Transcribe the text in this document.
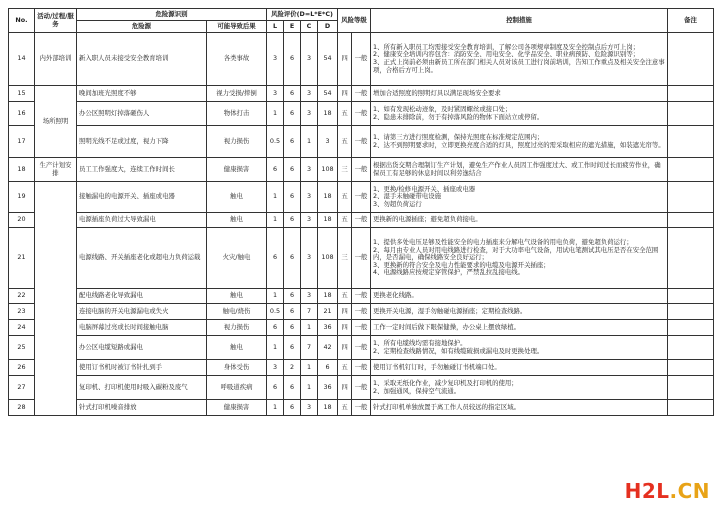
No.	活动/过程/服务	危险源识别		风险评价(D=L*E*C)				风险等级		控制措施	备注
		危险源	可能导致后果	L	E	C	D				
14	内外部培训	新入职人员未接受安全教育培训	各类事故	3	6	3	54	四	一般	1、所有新入职员工均需接受安全教育培训，了解公司各项规章制度及安全控制点后方可上岗；
2、健康安全培训内容包含：消防安全、用电安全、化学品安全、职业病预防、危险源识别等；
3、正式上岗前必须由新员工所在部门相关人员对该员工进行岗前培训，告知工作重点及相关安全注意事项，合格后方可上岗。	

15	场所照明	晚间加班光照度不够	视力受损/摔倒	3	6	3	54	四	一般	增加合适照度的照明灯具以满足现场安全要求	

16		办公区照明灯掉落砸伤人	物体打击	1	6	3	18	五	一般	1、如有发现松动迹象，及时紧固螺丝或接口处；
2、隐患未排除前，勿于有掉落风险的物体下面站立或停留。	

17		照明光线不足或过度，视力下降	视力损伤	0.5	6	1	3	五	一般	1、请第三方进行照度检测，保持光照度在标准规定范围内；
2、达不到照明要求时，立即更换亮度合适的灯具，照度过亮的需采取相应的遮光措施，如装遮光帘等。	

18	生产计划安排	员工工作强度大，连续工作时间长	健康损害	6	6	3	108	三	一般	根据出货交期合理制订生产计划，避免生产作业人员因工作强度过大、或工作时间过长而疲劳作业，确保员工有足够的休息时间以利劳逸结合	

19		接触漏电的电源开关、插座或电器	触电	1	6	3	18	五	一般	1、更换/检修电源开关、插座或电器
2、湿手未触碰带电设施
3、勿超负荷运行	

20		电源插座负荷过大导致漏电	触电	1	6	3	18	五	一般	更换新的电源插座；避免超负荷接电。	

21		电源线路、开关插座老化或超电力负荷运载	火灾/触电	6	6	3	108	三	一般	1、提供多处电压足够及性能安全的电力插座来分解电气设备的用电负荷，避免超负荷运行；
2、每月由专业人员对用电线路进行检查，对于大功率电气设备，用试电笔测试其电压是否在安全范围内，是否漏电，确保线路安全良好运行；
3、更换新的符合安全及电力性能要求的电缆及电源开关插座；
4、电源线路应按规定穿管保护，严禁乱拉乱接电线。	

22		配电线路老化导致漏电	触电	1	6	3	18	五	一般	更换老化线路。	

23		连接电脑的开关电源漏电或失火	触电/烧伤	0.5	6	7	21	四	一般	更换开关电源，湿手勿触碰电源插座；定期检查线路。	

24		电脑屏幕过亮或长时间接触电脑	视力损伤	6	6	1	36	四	一般	工作一定时间后做下眼保健操，办公桌上摆放绿植。	

25		办公区电缆短路或漏电	触电	1	6	7	42	四	一般	1、所有电缆线均需有接地保护。
2、定期检查线路情况，如有线缆破损或漏电及时更换处理。	

26		使用订书机时被订书针扎到手	身体受伤	3	2	1	6	五	一般	使用订书机钉订时，手勿触碰订书机端口处。	

27		复印机、打印机使用时吸入碳粉及废气	呼吸道疾病	6	6	1	36	四	一般	1、采取无纸化作业，减少复印机及打印机的使用；
2、加强通风，保持空气流通。	

28		针式打印机噪音排放	健康损害	1	6	3	18	五	一般	针式打印机单独放置于离工作人员较远的指定区域。	

H2L.CN
